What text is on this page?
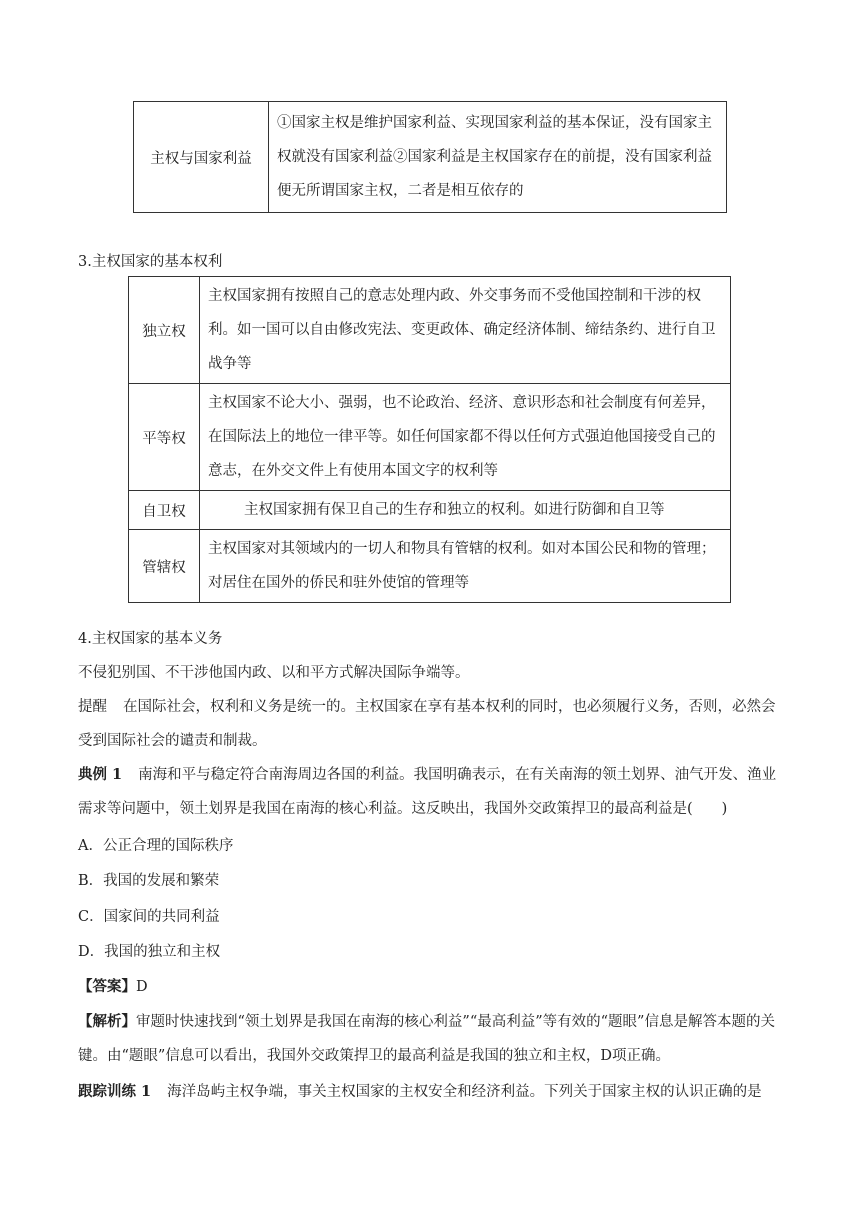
主权与国家利益	①国家主权是维护国家利益、实现国家利益的基本保证，没有国家主权就没有国家利益②国家利益是主权国家存在的前提，没有国家利益便无所谓国家主权，二者是相互依存的
3.主权国家的基本权利
独立权	主权国家拥有按照自己的意志处理内政、外交事务而不受他国控制和干涉的权利。如一国可以自由修改宪法、变更政体、确定经济体制、缔结条约、进行自卫战争等
平等权	主权国家不论大小、强弱，也不论政治、经济、意识形态和社会制度有何差异，在国际法上的地位一律平等。如任何国家都不得以任何方式强迫他国接受自己的意志，在外交文件上有使用本国文字的权利等
自卫权	主权国家拥有保卫自己的生存和独立的权利。如进行防御和自卫等
管辖权	主权国家对其领域内的一切人和物具有管辖的权利。如对本国公民和物的管理；对居住在国外的侨民和驻外使馆的管理等
4.主权国家的基本义务
不侵犯别国、不干涉他国内政、以和平方式解决国际争端等。
提醒 在国际社会，权利和义务是统一的。主权国家在享有基本权利的同时，也必须履行义务，否则，必然会受到国际社会的谴责和制裁。
典例 1 南海和平与稳定符合南海周边各国的利益。我国明确表示，在有关南海的领土划界、油气开发、渔业需求等问题中，领土划界是我国在南海的核心利益。这反映出，我国外交政策捍卫的最高利益是(　　)
A．公正合理的国际秩序
B．我国的发展和繁荣
C．国家间的共同利益
D．我国的独立和主权
【答案】D
【解析】审题时快速找到“领土划界是我国在南海的核心利益”“最高利益”等有效的“题眼”信息是解答本题的关键。由“题眼”信息可以看出，我国外交政策捍卫的最高利益是我国的独立和主权，D项正确。
跟踪训练 1 海洋岛屿主权争端，事关主权国家的主权安全和经济利益。下列关于国家主权的认识正确的是
